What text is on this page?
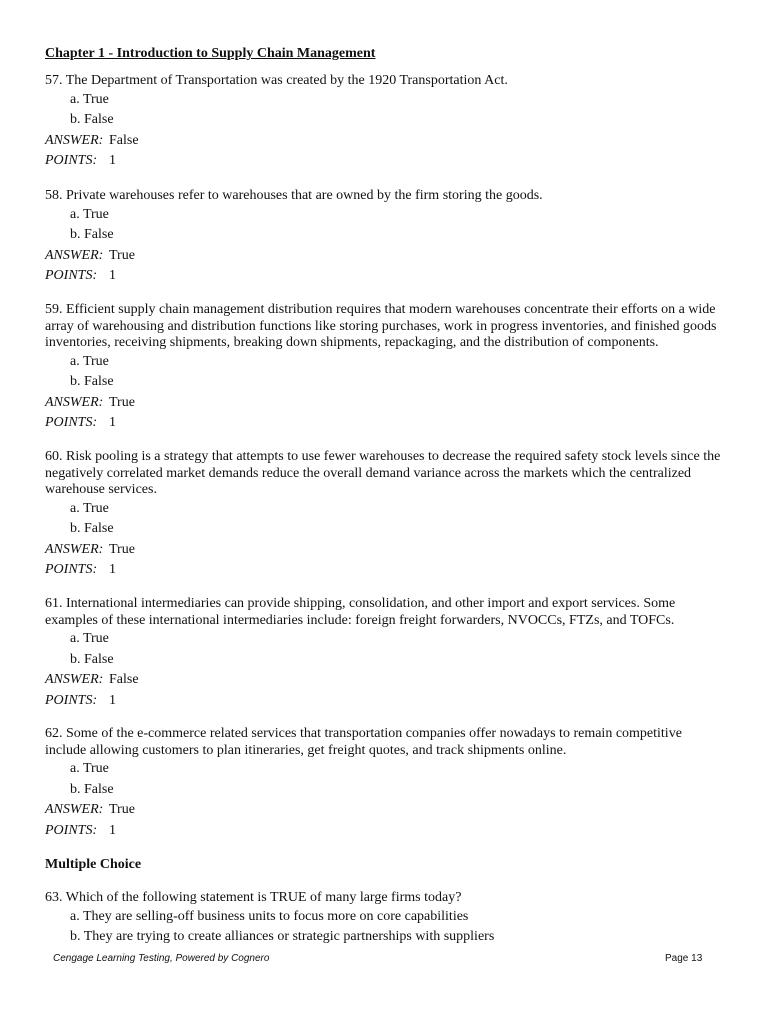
Chapter 1 - Introduction to Supply Chain Management

57. The Department of Transportation was created by the 1920 Transportation Act.

a. True
b. False
ANSWER: False
POINTS: 1

58. Private warehouses refer to warehouses that are owned by the firm storing the goods.

a. True
b. False
ANSWER: True
POINTS: 1

59. Efficient supply chain management distribution requires that modern warehouses concentrate their efforts on a wide array of warehousing and distribution functions like storing purchases, work in progress inventories, and finished goods inventories, receiving shipments, breaking down shipments, repackaging, and the distribution of components.

a. True
b. False
ANSWER: True
POINTS: 1

60. Risk pooling is a strategy that attempts to use fewer warehouses to decrease the required safety stock levels since the negatively correlated market demands reduce the overall demand variance across the markets which the centralized warehouse services.

a. True
b. False
ANSWER: True
POINTS: 1

61. International intermediaries can provide shipping, consolidation, and other import and export services. Some examples of these international intermediaries include: foreign freight forwarders, NVOCCs, FTZs, and TOFCs.

a. True
b. False
ANSWER: False
POINTS: 1

62. Some of the e-commerce related services that transportation companies offer nowadays to remain competitive include allowing customers to plan itineraries, get freight quotes, and track shipments online.

a. True
b. False
ANSWER: True
POINTS: 1
Multiple Choice

63. Which of the following statement is TRUE of many large firms today?

a. They are selling-off business units to focus more on core capabilities
b. They are trying to create alliances or strategic partnerships with suppliers
Cengage Learning Testing, Powered by Cognero	Page 13
